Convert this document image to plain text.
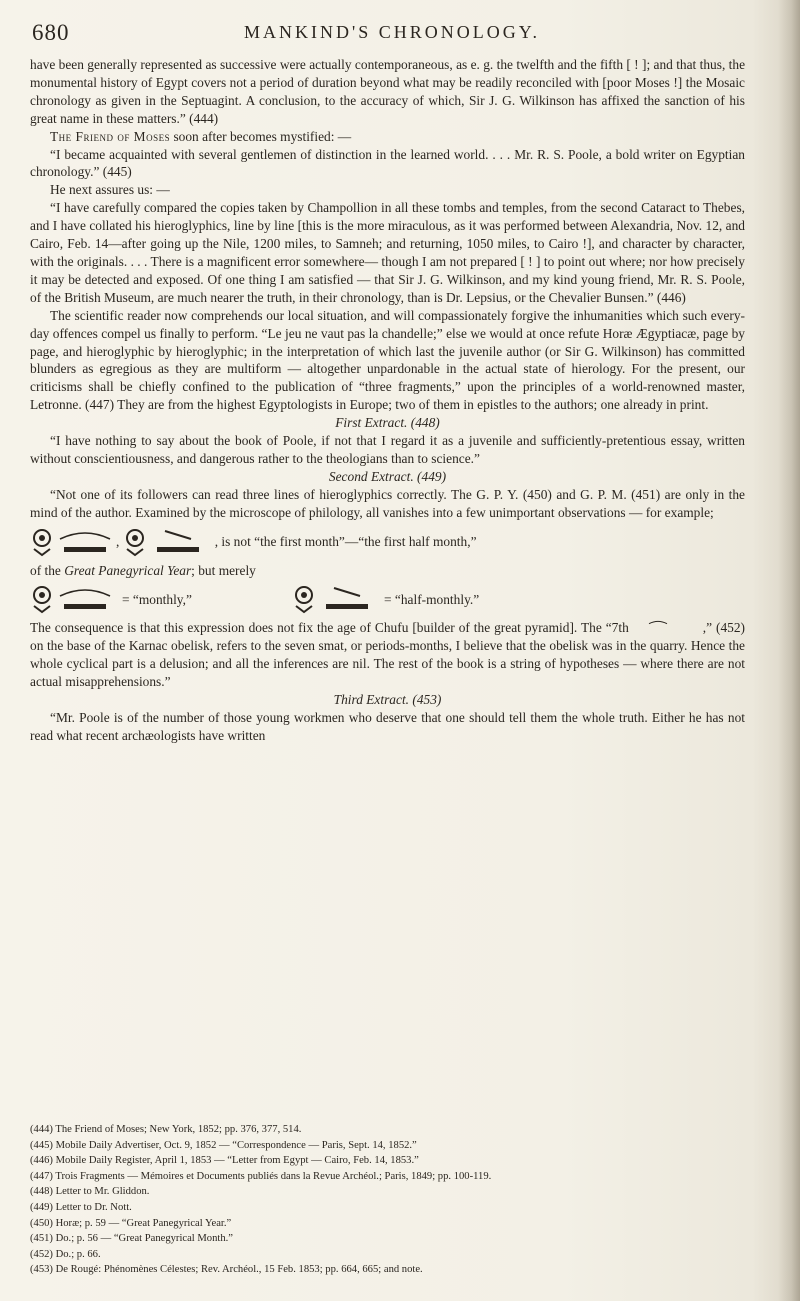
680	MANKIND'S CHRONOLOGY.

have been generally represented as successive were actually contemporaneous, as e. g. the twelfth and the fifth [ ! ]; and that thus, the monumental history of Egypt covers not a period of duration beyond what may be readily reconciled with [poor Moses !] the Mosaic chronology as given in the Septuagint. A conclusion, to the accuracy of which, Sir J. G. Wilkinson has affixed the sanction of his great name in these matters.” (444)

The Friend of Moses soon after becomes mystified: —

“I became acquainted with several gentlemen of distinction in the learned world. . . . Mr. R. S. Poole, a bold writer on Egyptian chronology.” (445)

He next assures us: —

“I have carefully compared the copies taken by Champollion in all these tombs and temples, from the second Cataract to Thebes, and I have collated his hieroglyphics, line by line [this is the more miraculous, as it was performed between Alexandria, Nov. 12, and Cairo, Feb. 14—after going up the Nile, 1200 miles, to Samneh; and returning, 1050 miles, to Cairo !], and character by character, with the originals. . . . There is a magnificent error somewhere— though I am not prepared [ ! ] to point out where; nor how precisely it may be detected and exposed. Of one thing I am satisfied — that Sir J. G. Wilkinson, and my kind young friend, Mr. R. S. Poole, of the British Museum, are much nearer the truth, in their chronology, than is Dr. Lepsius, or the Chevalier Bunsen.” (446)

The scientific reader now comprehends our local situation, and will compassionately forgive the inhumanities which such every-day offences compel us finally to perform. “Le jeu ne vaut pas la chandelle;” else we would at once refute Horæ Ægyptiacæ, page by page, and hieroglyphic by hieroglyphic; in the interpretation of which last the juvenile author (or Sir G. Wilkinson) has committed blunders as egregious as they are multiform — altogether unpardonable in the actual state of hierology. For the present, our criticisms shall be chiefly confined to the publication of “three fragments,” upon the principles of a world-renowned master, Letronne. (447) They are from the highest Egyptologists in Europe; two of them in epistles to the authors; one already in print.

First Extract. (448)

“I have nothing to say about the book of Poole, if not that I regard it as a juvenile and sufficiently-pretentious essay, written without conscientiousness, and dangerous rather to the theologians than to science.”

Second Extract. (449)

“Not one of its followers can read three lines of hieroglyphics correctly. The G. P. Y. (450) and G. P. M. (451) are only in the mind of the author. Examined by the microscope of philology, all vanishes into a few unimportant observations — for example;

,	, is not “the first month”—“the first half month,”

of the Great Panegyrical Year; but merely

= “monthly,”	= “half-monthly.”

The consequence is that this expression does not fix the age of Chufu [builder of the great pyramid]. The “7th	,” (452) on the base of the Karnac obelisk, refers to the seven smat, or periods-months, I believe that the obelisk was in the quarry. Hence the whole cyclical part is a delusion; and all the inferences are nil. The rest of the book is a string of hypotheses — where there are not actual misapprehensions.”

Third Extract. (453)

“Mr. Poole is of the number of those young workmen who deserve that one should tell them the whole truth. Either he has not read what recent archæologists have written

(444) The Friend of Moses; New York, 1852; pp. 376, 377, 514.
(445) Mobile Daily Advertiser, Oct. 9, 1852 — “Correspondence — Paris, Sept. 14, 1852.”
(446) Mobile Daily Register, April 1, 1853 — “Letter from Egypt — Cairo, Feb. 14, 1853.”
(447) Trois Fragments — Mémoires et Documents publiés dans la Revue Archéol.; Paris, 1849; pp. 100-119.
(448) Letter to Mr. Gliddon.
(449) Letter to Dr. Nott.
(450) Horæ; p. 59 — “Great Panegyrical Year.”
(451) Do.; p. 56 — “Great Panegyrical Month.”
(452) Do.; p. 66.
(453) De Rougé: Phénomènes Célestes; Rev. Archéol., 15 Feb. 1853; pp. 664, 665; and note.
